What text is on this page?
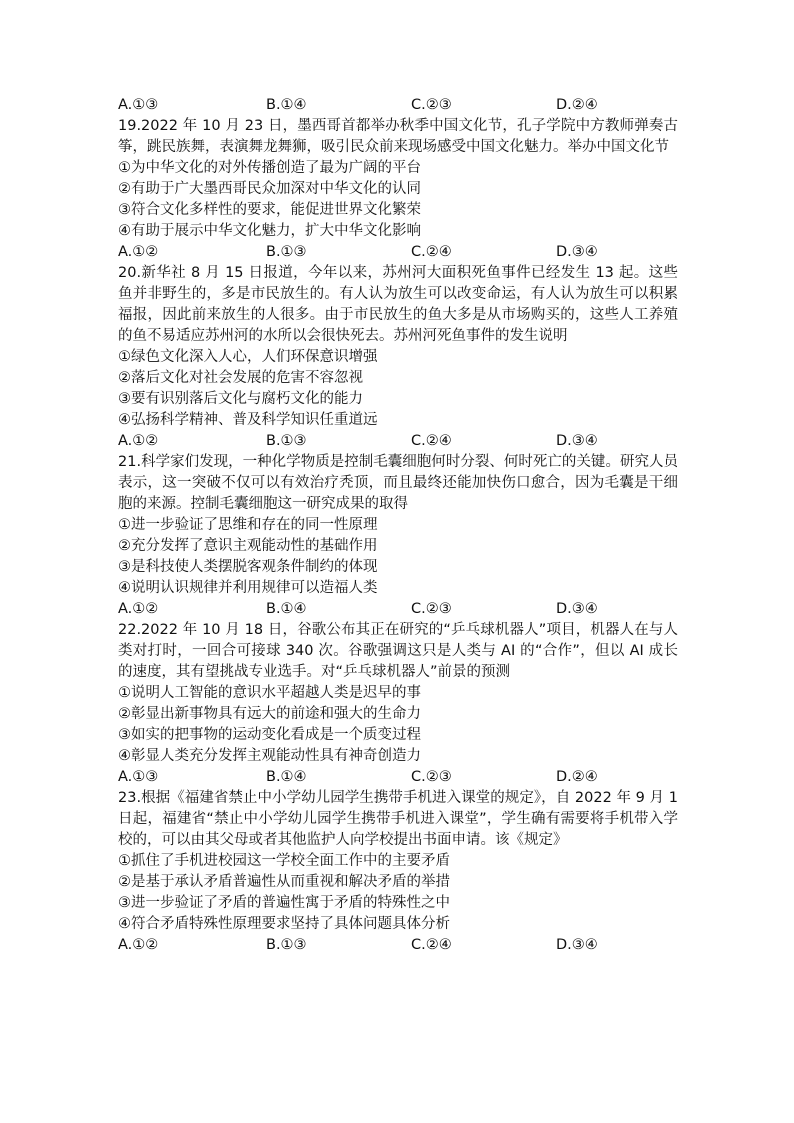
A.①③	B.①④	C.②③	D.②④
19.2022 年 10 月 23 日，墨西哥首都举办秋季中国文化节，孔子学院中方教师弹奏古筝，跳民族舞，表演舞龙舞狮，吸引民众前来现场感受中国文化魅力。举办中国文化节
①为中华文化的对外传播创造了最为广阔的平台
②有助于广大墨西哥民众加深对中华文化的认同
③符合文化多样性的要求，能促进世界文化繁荣
④有助于展示中华文化魅力，扩大中华文化影响
A.①②	B.①③	C.②④	D.③④
20.新华社 8 月 15 日报道，今年以来，苏州河大面积死鱼事件已经发生 13 起。这些鱼并非野生的，多是市民放生的。有人认为放生可以改变命运，有人认为放生可以积累福报，因此前来放生的人很多。由于市民放生的鱼大多是从市场购买的，这些人工养殖的鱼不易适应苏州河的水所以会很快死去。苏州河死鱼事件的发生说明
①绿色文化深入人心，人们环保意识增强
②落后文化对社会发展的危害不容忽视
③要有识别落后文化与腐朽文化的能力
④弘扬科学精神、普及科学知识任重道远
A.①②	B.①③	C.②④	D.③④
21.科学家们发现，一种化学物质是控制毛囊细胞何时分裂、何时死亡的关键。研究人员表示，这一突破不仅可以有效治疗秃顶，而且最终还能加快伤口愈合，因为毛囊是干细胞的来源。控制毛囊细胞这一研究成果的取得
①进一步验证了思维和存在的同一性原理
②充分发挥了意识主观能动性的基础作用
③是科技使人类摆脱客观条件制约的体现
④说明认识规律并利用规律可以造福人类
A.①②	B.①④	C.②③	D.③④
22.2022 年 10 月 18 日，谷歌公布其正在研究的“乒乓球机器人”项目，机器人在与人类对打时，一回合可接球 340 次。谷歌强调这只是人类与 AI 的“合作”，但以 AI 成长的速度，其有望挑战专业选手。对“乒乓球机器人”前景的预测
①说明人工智能的意识水平超越人类是迟早的事
②彰显出新事物具有远大的前途和强大的生命力
③如实的把事物的运动变化看成是一个质变过程
④彰显人类充分发挥主观能动性具有神奇创造力
A.①③	B.①④	C.②③	D.②④
23.根据《福建省禁止中小学幼儿园学生携带手机进入课堂的规定》，自 2022 年 9 月 1 日起，福建省“禁止中小学幼儿园学生携带手机进入课堂”，学生确有需要将手机带入学校的，可以由其父母或者其他监护人向学校提出书面申请。该《规定》
①抓住了手机进校园这一学校全面工作中的主要矛盾
②是基于承认矛盾普遍性从而重视和解决矛盾的举措
③进一步验证了矛盾的普遍性寓于矛盾的特殊性之中
④符合矛盾特殊性原理要求坚持了具体问题具体分析
A.①②	B.①③	C.②④	D.③④
